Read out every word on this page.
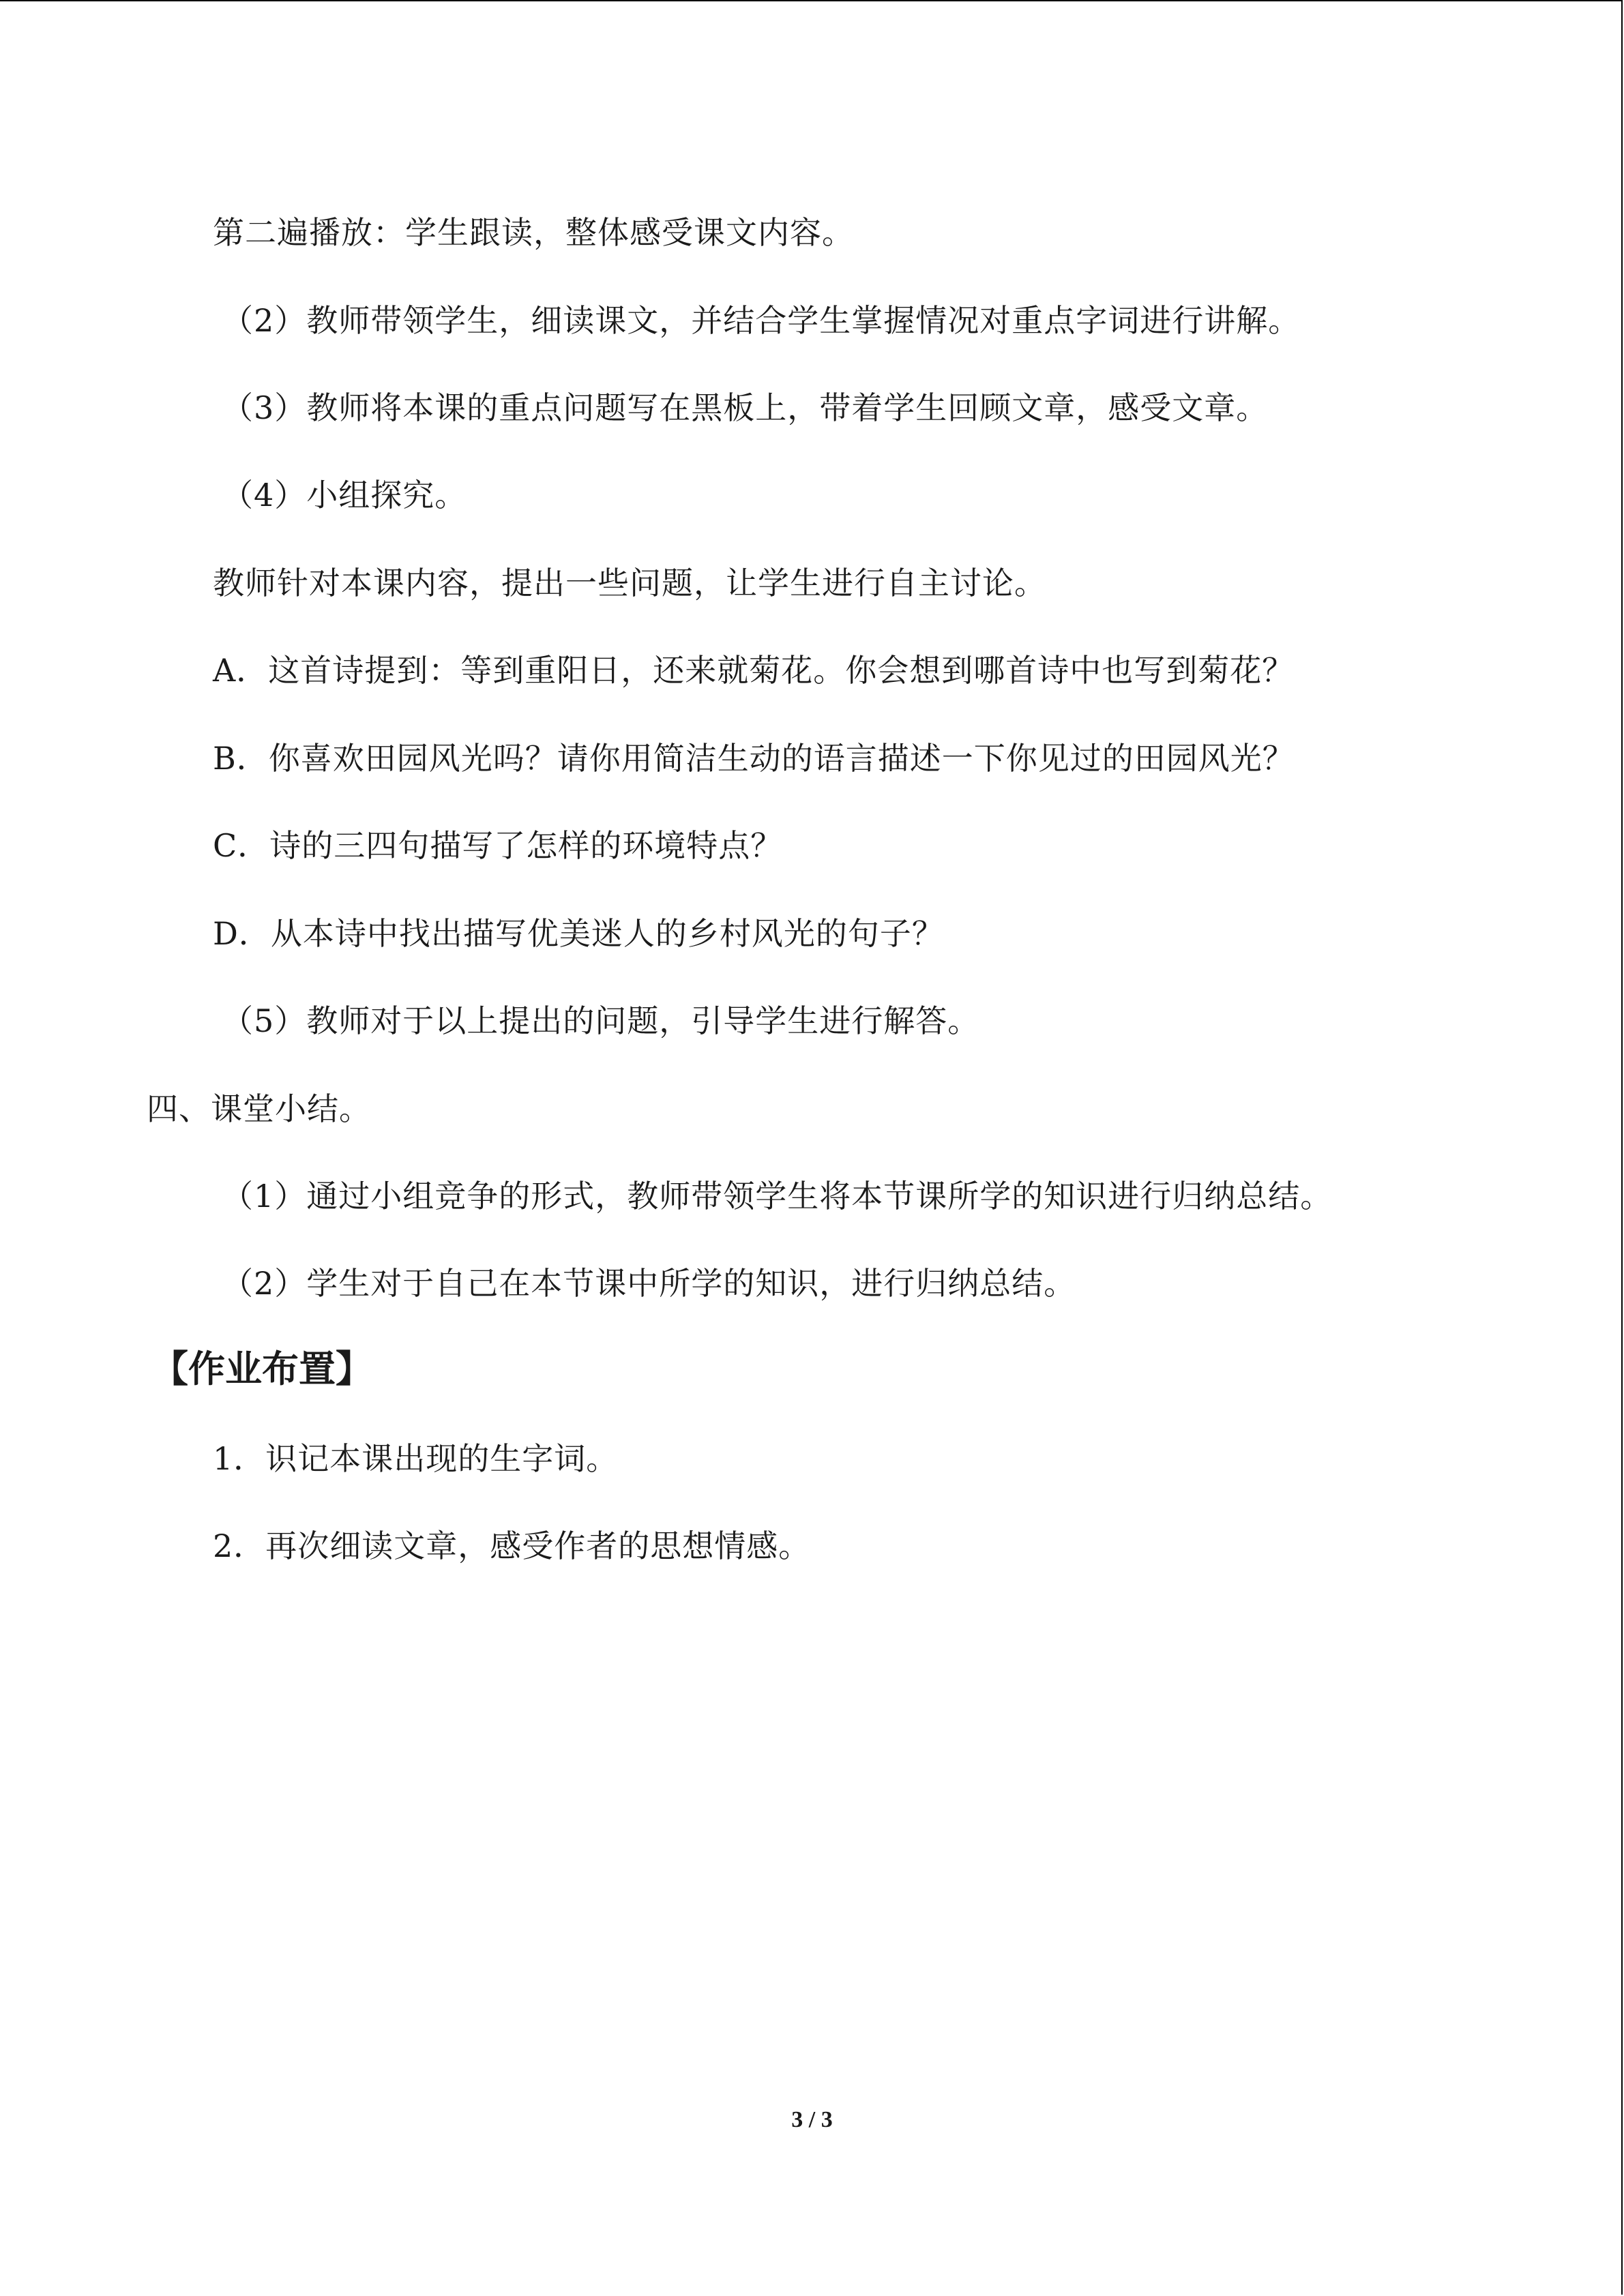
第二遍播放：学生跟读，整体感受课文内容。
（2）教师带领学生，细读课文，并结合学生掌握情况对重点字词进行讲解。
（3）教师将本课的重点问题写在黑板上，带着学生回顾文章，感受文章。
（4）小组探究。
教师针对本课内容，提出一些问题，让学生进行自主讨论。
A．这首诗提到：等到重阳日，还来就菊花。你会想到哪首诗中也写到菊花？
B．你喜欢田园风光吗？请你用简洁生动的语言描述一下你见过的田园风光？
C．诗的三四句描写了怎样的环境特点？
D．从本诗中找出描写优美迷人的乡村风光的句子？
（5）教师对于以上提出的问题，引导学生进行解答。
四、课堂小结。
（1）通过小组竞争的形式，教师带领学生将本节课所学的知识进行归纳总结。
（2）学生对于自己在本节课中所学的知识，进行归纳总结。
【作业布置】
1．识记本课出现的生字词。
2．再次细读文章，感受作者的思想情感。
3 / 3
